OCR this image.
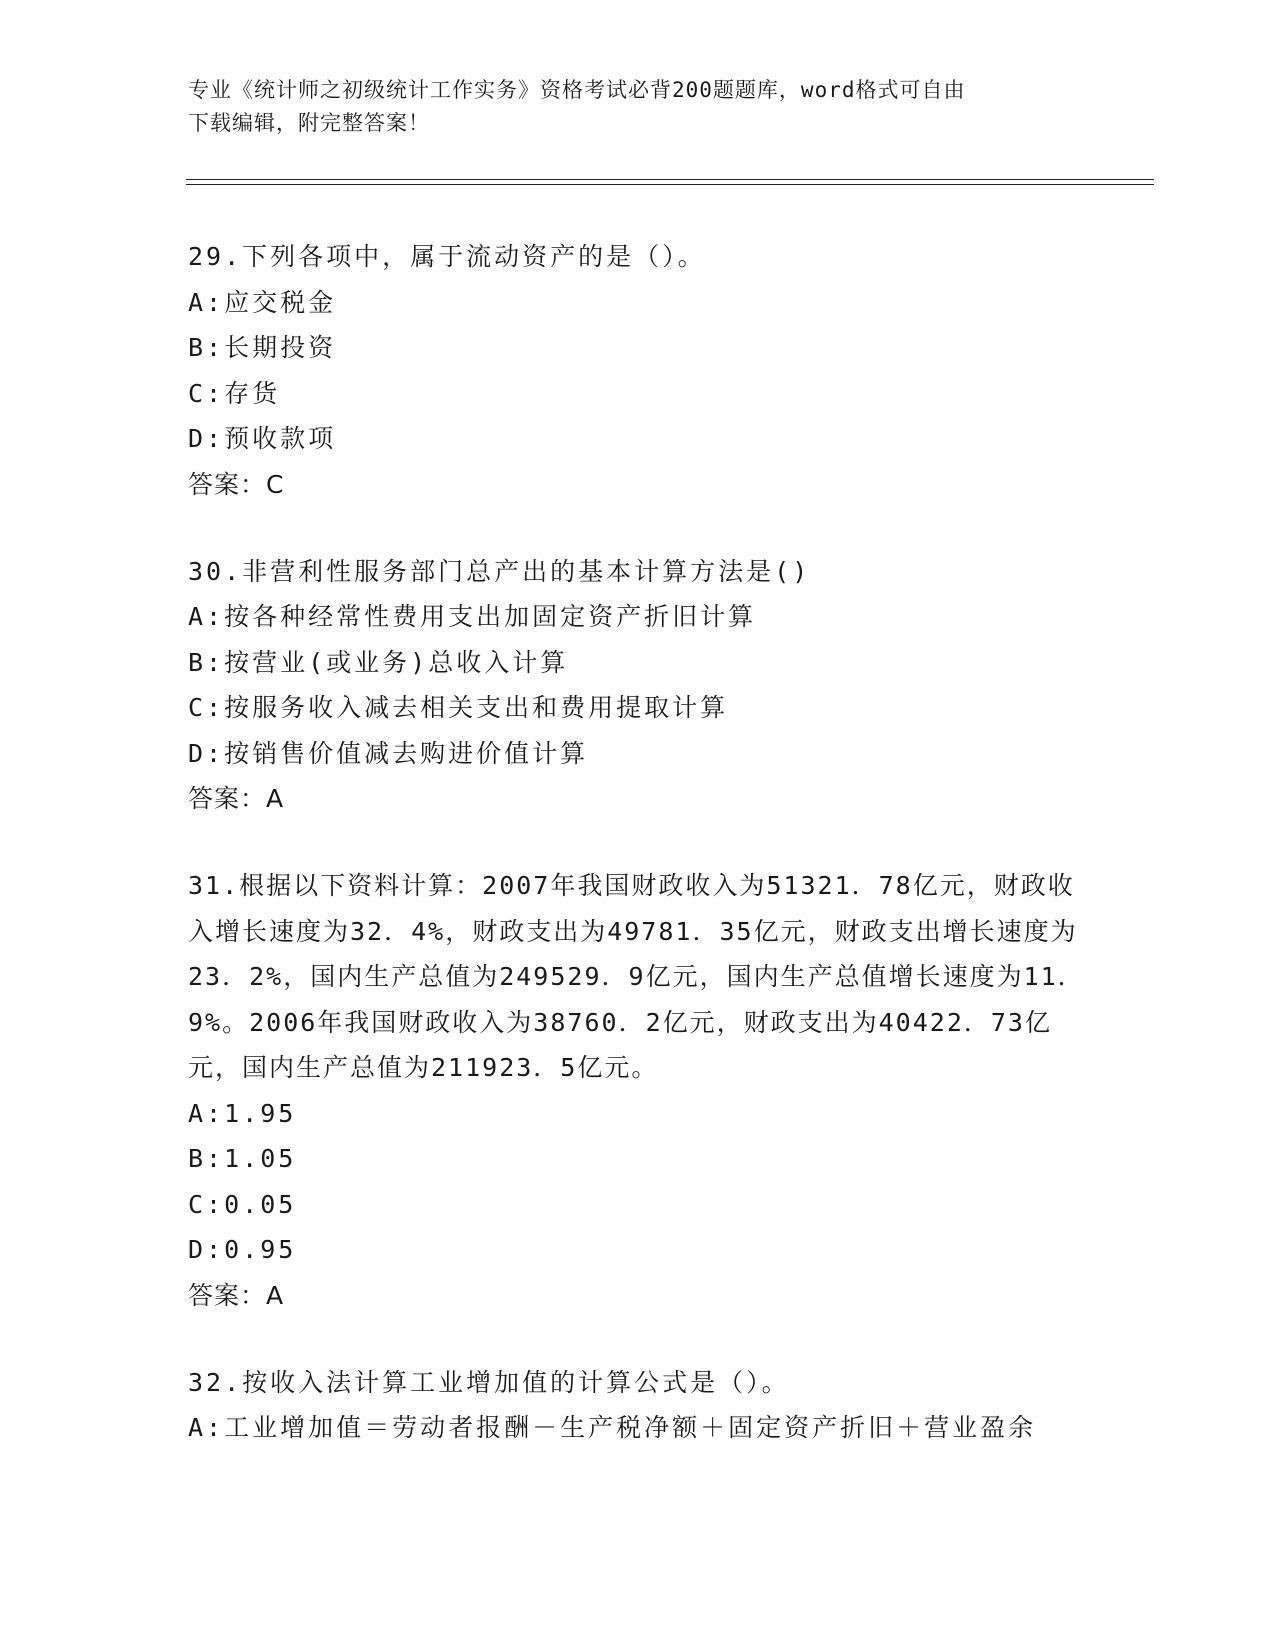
专业《统计师之初级统计工作实务》资格考试必背200题题库，word格式可自由
下载编辑，附完整答案！

29.下列各项中，属于流动资产的是（）。

A:应交税金

B:长期投资

C:存货

D:预收款项

答案：C

30.非营利性服务部门总产出的基本计算方法是()

A:按各种经常性费用支出加固定资产折旧计算

B:按营业(或业务)总收入计算

C:按服务收入减去相关支出和费用提取计算

D:按销售价值减去购进价值计算

答案：A

31.根据以下资料计算：2007年我国财政收入为51321．78亿元，财政收入增长速度为32．4%，财政支出为49781．35亿元，财政支出增长速度为23．2%，国内生产总值为249529．9亿元，国内生产总值增长速度为11．9%。2006年我国财政收入为38760．2亿元，财政支出为40422．73亿元，国内生产总值为211923．5亿元。

A:1.95

B:1.05

C:0.05

D:0.95

答案：A

32.按收入法计算工业增加值的计算公式是（）。

A:工业增加值＝劳动者报酬－生产税净额＋固定资产折旧＋营业盈余
